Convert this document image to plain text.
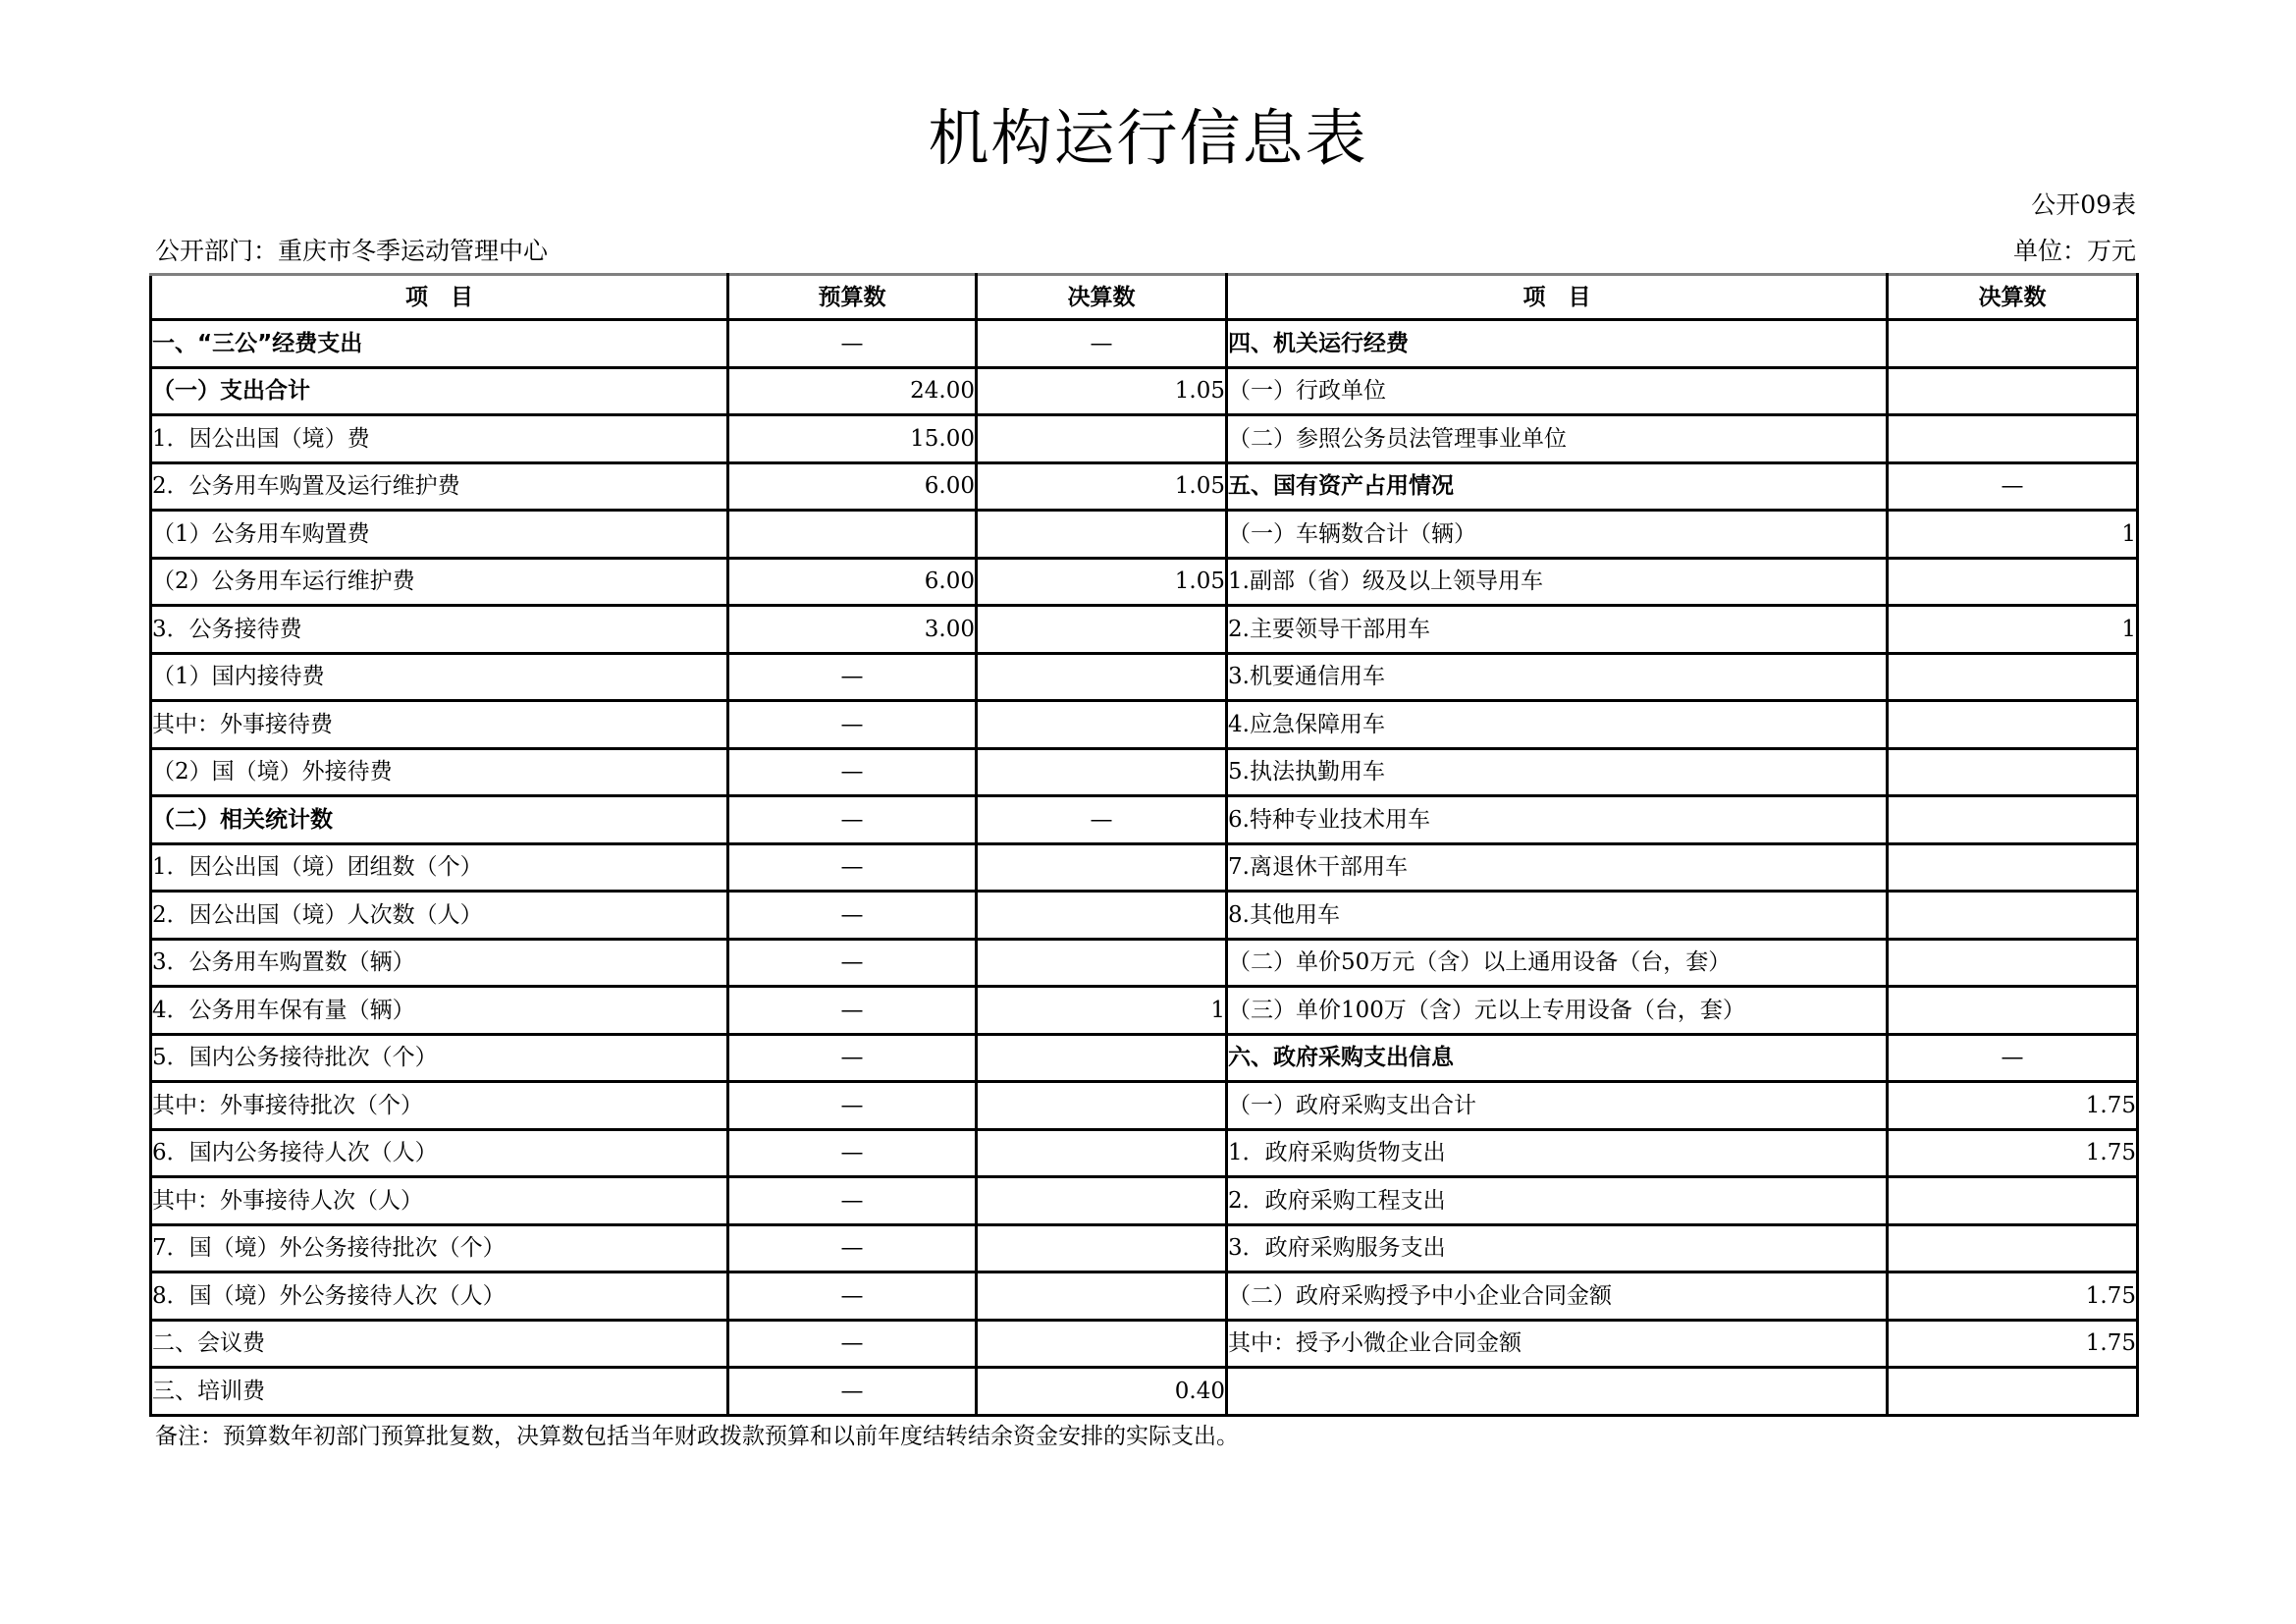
机构运行信息表
公开09表
公开部门：重庆市冬季运动管理中心	单位：万元
项　目	预算数	决算数	项　目	决算数
一、“三公”经费支出	—	—	四、机关运行经费	
（一）支出合计	24.00	1.05	（一）行政单位	
1．因公出国（境）费	15.00		（二）参照公务员法管理事业单位	
2．公务用车购置及运行维护费	6.00	1.05	五、国有资产占用情况	—
（1）公务用车购置费			（一）车辆数合计（辆）	1
（2）公务用车运行维护费	6.00	1.05	1.副部（省）级及以上领导用车	
3．公务接待费	3.00		2.主要领导干部用车	1
（1）国内接待费	—		3.机要通信用车	
其中：外事接待费	—		4.应急保障用车	
（2）国（境）外接待费	—		5.执法执勤用车	
（二）相关统计数	—	—	6.特种专业技术用车	
1．因公出国（境）团组数（个）	—		7.离退休干部用车	
2．因公出国（境）人次数（人）	—		8.其他用车	
3．公务用车购置数（辆）	—		（二）单价50万元（含）以上通用设备（台，套）	
4．公务用车保有量（辆）	—	1	（三）单价100万（含）元以上专用设备（台，套）	
5．国内公务接待批次（个）	—		六、政府采购支出信息	—
其中：外事接待批次（个）	—		（一）政府采购支出合计	1.75
6．国内公务接待人次（人）	—		1．政府采购货物支出	1.75
其中：外事接待人次（人）	—		2．政府采购工程支出	
7．国（境）外公务接待批次（个）	—		3．政府采购服务支出	
8．国（境）外公务接待人次（人）	—		（二）政府采购授予中小企业合同金额	1.75
二、会议费	—		其中：授予小微企业合同金额	1.75
三、培训费	—	0.40		
备注：预算数年初部门预算批复数，决算数包括当年财政拨款预算和以前年度结转结余资金安排的实际支出。
